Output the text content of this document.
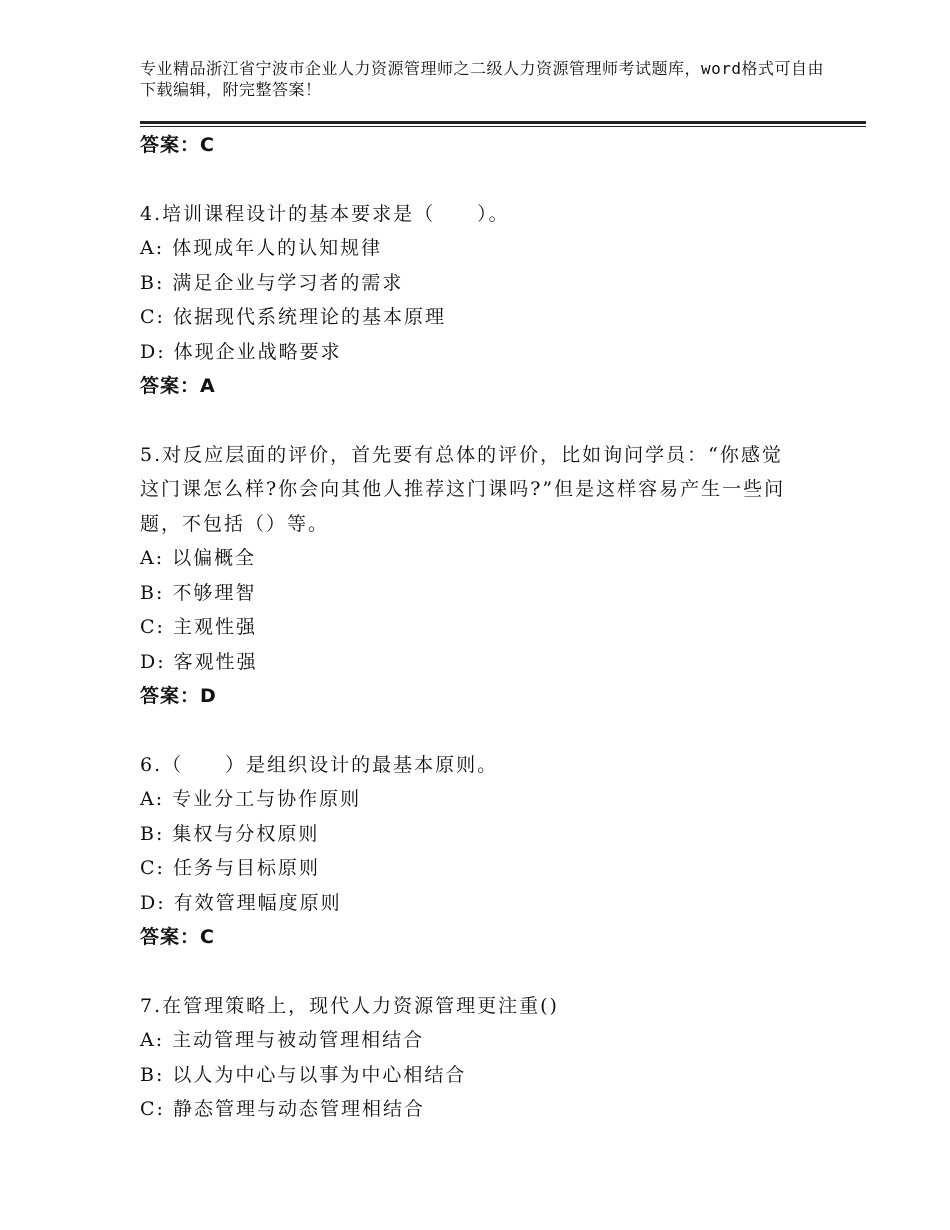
专业精品浙江省宁波市企业人力资源管理师之二级人力资源管理师考试题库，word格式可自由下载编辑，附完整答案！
答案：C
4.培训课程设计的基本要求是（　　）。
A: 体现成年人的认知规律
B: 满足企业与学习者的需求
C: 依据现代系统理论的基本原理
D: 体现企业战略要求
答案：A
5.对反应层面的评价，首先要有总体的评价，比如询问学员：“你感觉这门课怎么样?你会向其他人推荐这门课吗?”但是这样容易产生一些问题，不包括（）等。
A: 以偏概全
B: 不够理智
C: 主观性强
D: 客观性强
答案：D
6.（　　）是组织设计的最基本原则。
A: 专业分工与协作原则
B: 集权与分权原则
C: 任务与目标原则
D: 有效管理幅度原则
答案：C
7.在管理策略上，现代人力资源管理更注重()
A: 主动管理与被动管理相结合
B: 以人为中心与以事为中心相结合
C: 静态管理与动态管理相结合
